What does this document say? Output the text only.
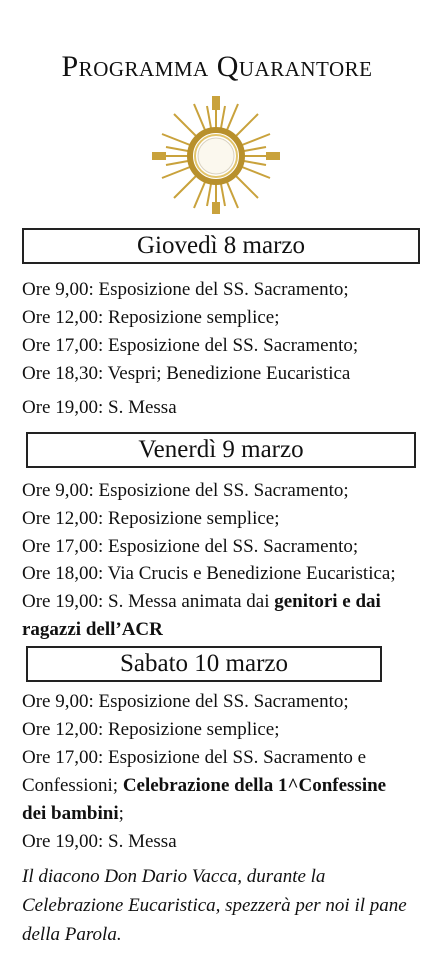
Programma Quarantore
Giovedì 8 marzo
Ore 9,00: Esposizione del SS. Sacramento;
Ore 12,00: Reposizione semplice;
Ore 17,00: Esposizione del SS. Sacramento;
Ore 18,30: Vespri; Benedizione Eucaristica
Ore 19,00: S. Messa
Venerdì 9 marzo
Ore 9,00: Esposizione del SS. Sacramento;
Ore 12,00: Reposizione semplice;
Ore 17,00: Esposizione del SS. Sacramento;
Ore 18,00: Via Crucis e Benedizione Eucaristica;
Ore 19,00: S. Messa animata dai genitori e dai
ragazzi dell’ACR
Sabato 10 marzo
Ore 9,00: Esposizione del SS. Sacramento;
Ore 12,00: Reposizione semplice;
Ore 17,00: Esposizione del SS. Sacramento e
Confessioni; Celebrazione della 1^Confessine
dei bambini;
Ore 19,00: S. Messa
Il diacono Don Dario Vacca, durante la Celebrazione Eucaristica, spezzerà per noi il pane della Parola.
